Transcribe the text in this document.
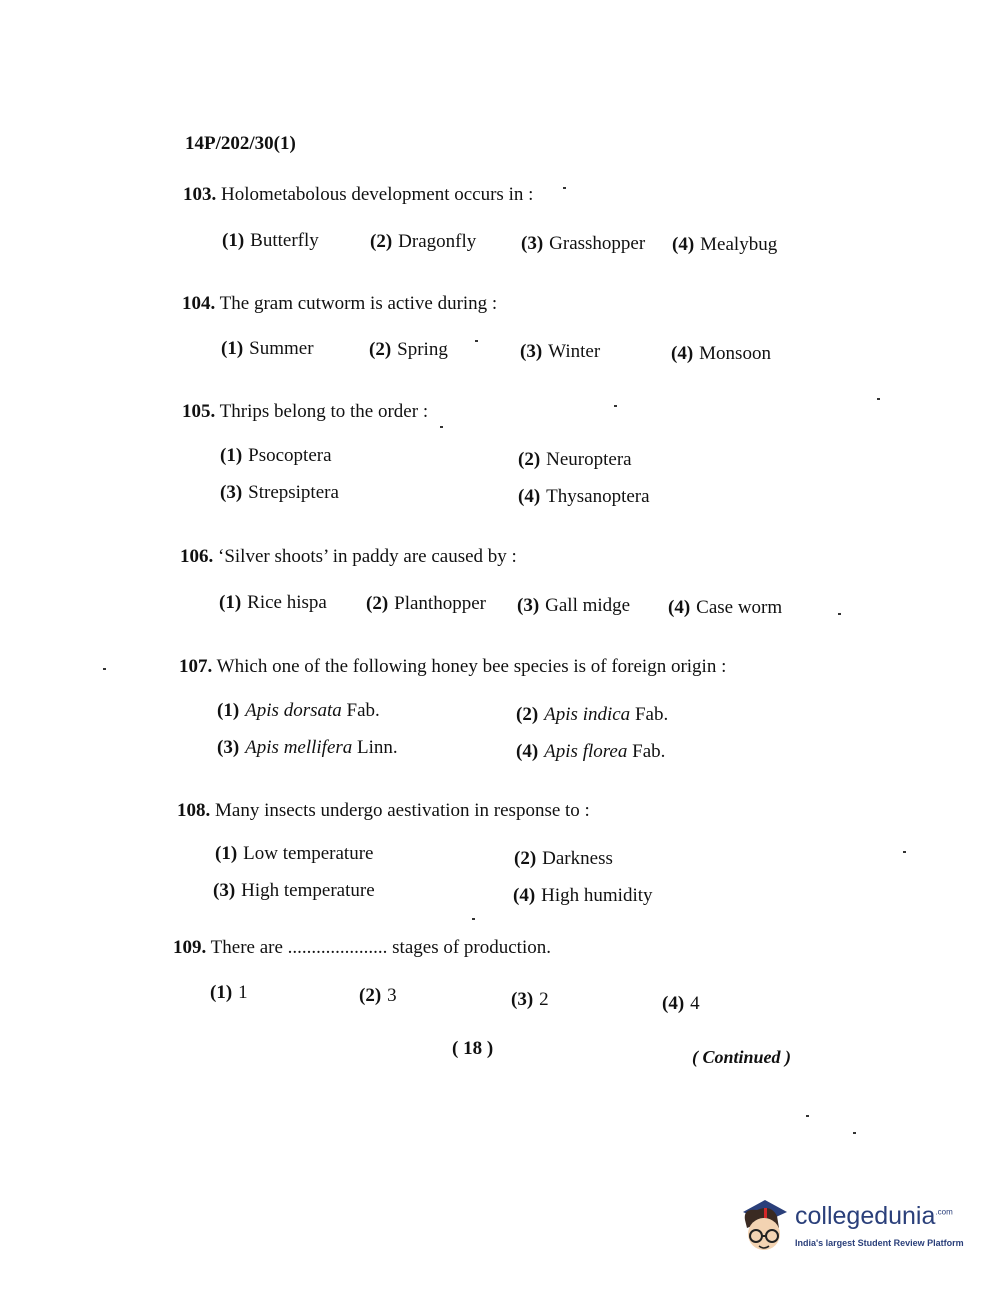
14P/202/30(1)
103. Holometabolous development occurs in :
(1) Butterfly	(2) Dragonfly (3) Grasshopper (4) Mealybug
104. The gram cutworm is active during :
(1) Summer	(2) Spring	(3) Winter	(4) Monsoon
105. Thrips belong to the order :
(1) Psocoptera	(2) Neuroptera
(3) Strepsiptera	(4) Thysanoptera
106. ‘Silver shoots’ in paddy are caused by :
(1) Rice hispa (2) Planthopper (3) Gall midge (4) Case worm
107. Which one of the following honey bee species is of foreign origin :
(1) Apis dorsata Fab.	(2) Apis indica Fab.
(3) Apis mellifera Linn.	(4) Apis florea Fab.
108. Many insects undergo aestivation in response to :
(1) Low temperature	(2) Darkness
(3) High temperature	(4) High humidity
109. There are ..................... stages of production.
(1) 1	(2) 3	(3) 2	(4) 4
( 18 )	( Continued )
collegedunia$^{.com}$
India's largest Student Review Platform
